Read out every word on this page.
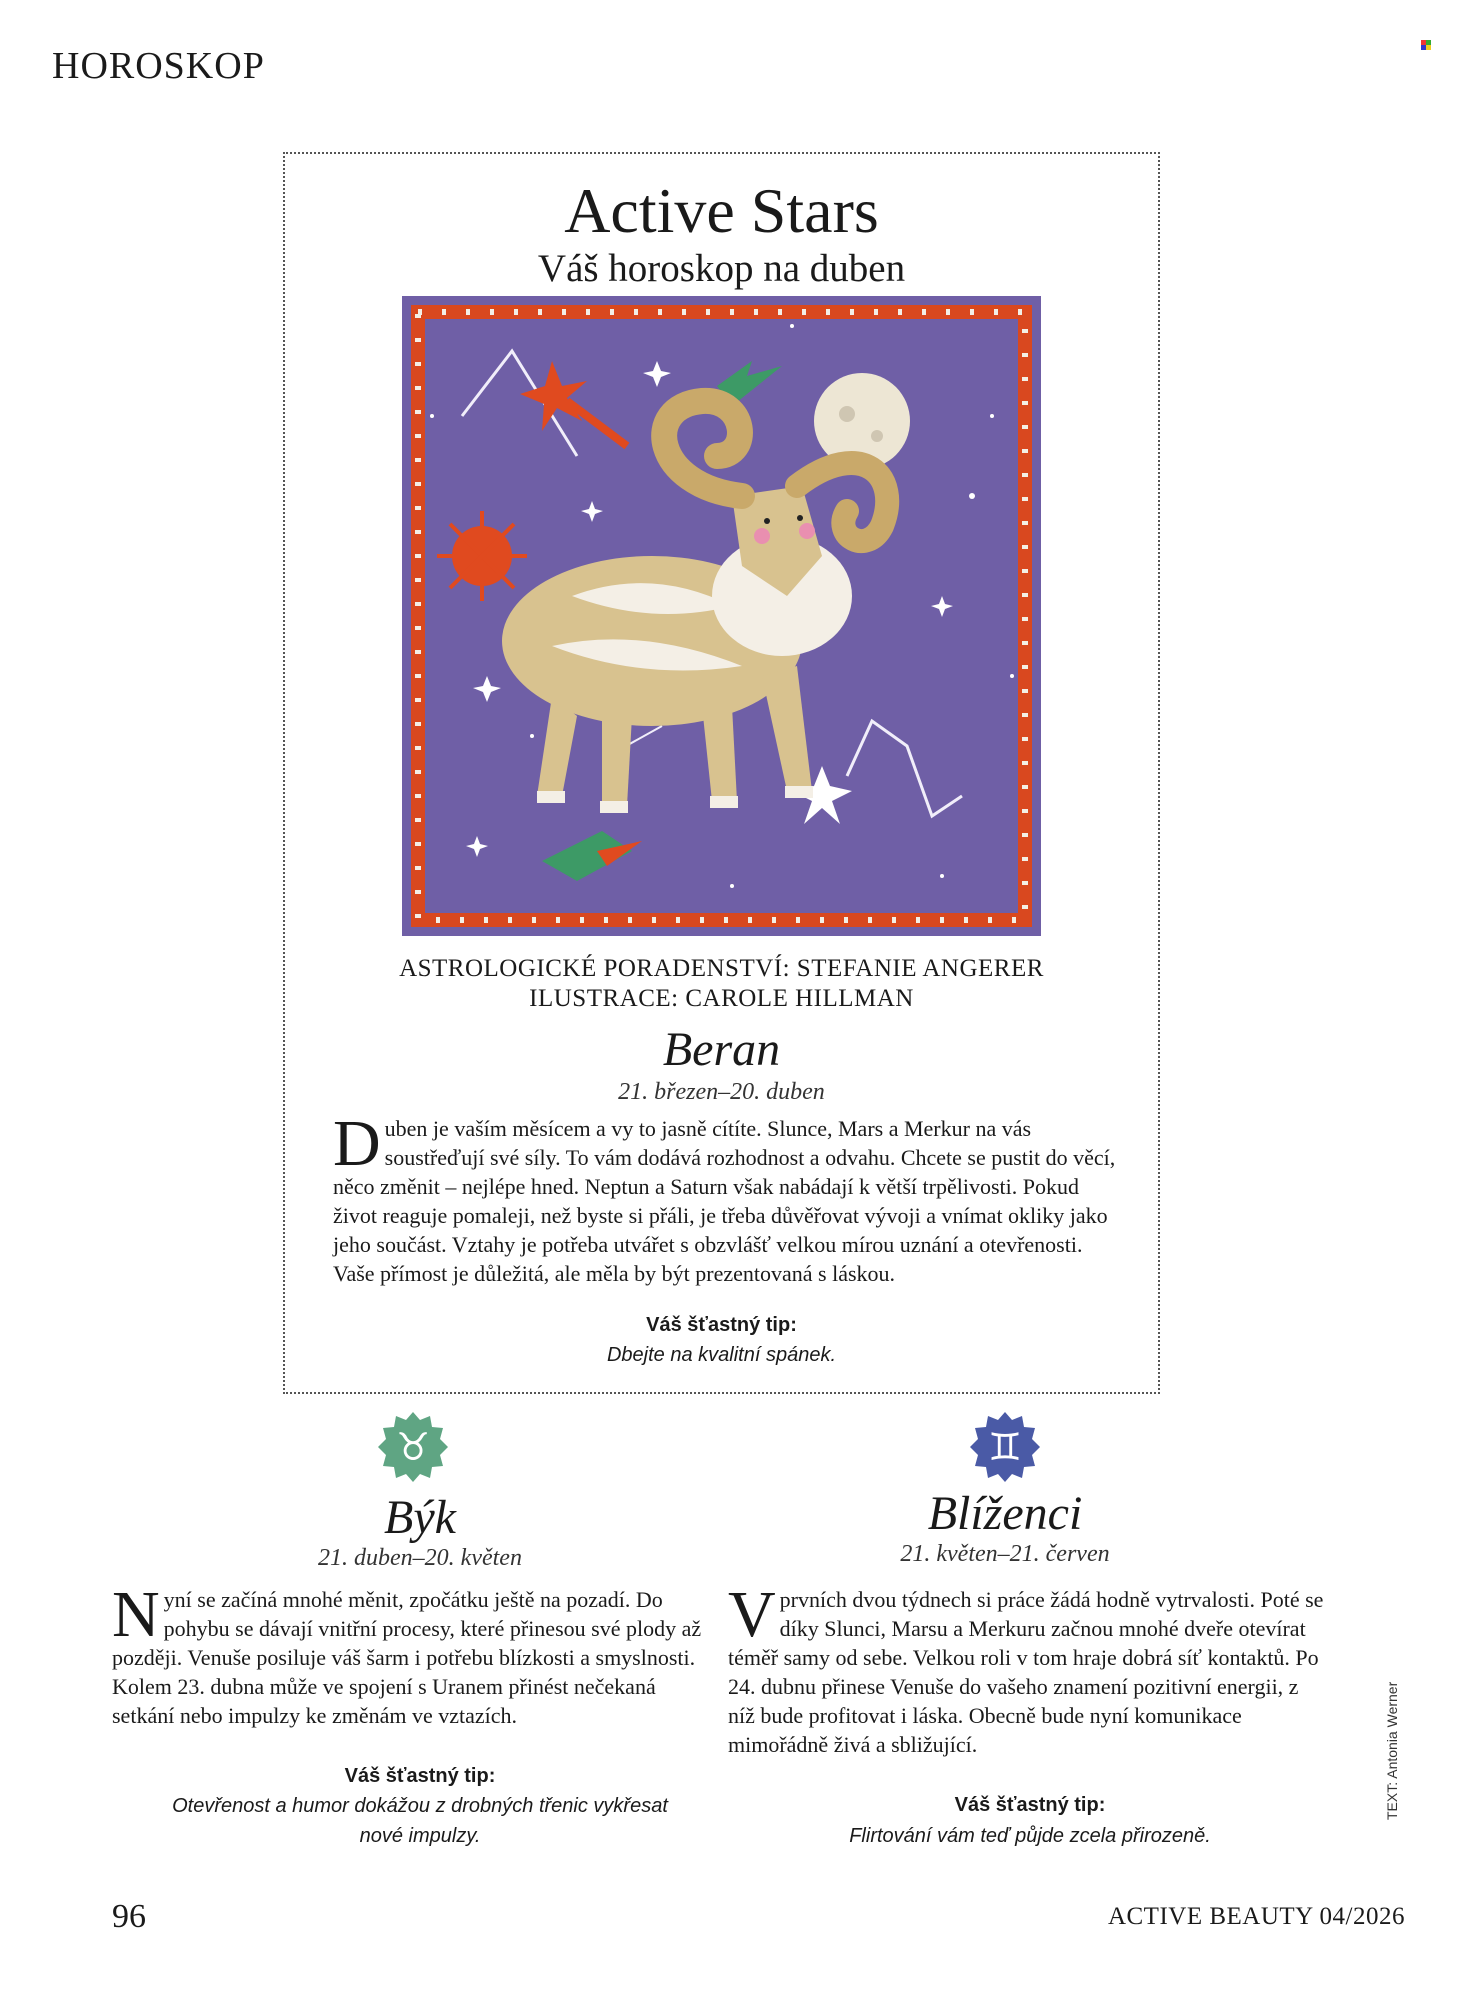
HOROSKOP
Active Stars
Váš horoskop na duben
ASTROLOGICKÉ PORADENSTVÍ: STEFANIE ANGERER
ILUSTRACE: CAROLE HILLMAN
Beran
21. březen–20. duben
Duben je vaším měsícem a vy to jasně cítíte. Slunce, Mars a Merkur na vás soustřeďují své síly. To vám dodává rozhodnost a odvahu. Chcete se pustit do věcí, něco změnit – nejlépe hned. Neptun a Saturn však nabádají k větší trpělivosti. Pokud život reaguje pomaleji, než byste si přáli, je třeba důvěřovat vývoji a vnímat okliky jako jeho součást. Vztahy je potřeba utvářet s obzvlášť velkou mírou uznání a otevřenosti. Vaše přímost je důležitá, ale měla by být prezentovaná s láskou.
Váš šťastný tip:
Dbejte na kvalitní spánek.
♉
Býk
21. duben–20. květen
Nyní se začíná mnohé měnit, zpočátku ještě na pozadí. Do pohybu se dávají vnitřní procesy, které přinesou své plody až později. Venuše posiluje váš šarm i potřebu blízkosti a smyslnosti. Kolem 23. dubna může ve spojení s Uranem přinést nečekaná setkání nebo impulzy ke změnám ve vztazích.
Váš šťastný tip:
Otevřenost a humor dokážou z drobných třenic vykřesat nové impulzy.
♊
Blíženci
21. květen–21. červen
Vprvních dvou týdnech si práce žádá hodně vytrvalosti. Poté se díky Slunci, Marsu a Merkuru začnou mnohé dveře otevírat téměř samy od sebe. Velkou roli v tom hraje dobrá síť kontaktů. Po 24. dubnu přinese Venuše do vašeho znamení pozitivní energii, z níž bude profitovat i láska. Obecně bude nyní komunikace mimořádně živá a sbližující.
Váš šťastný tip:
Flirtování vám teď půjde zcela přirozeně.
TEXT: Antonia Werner
96	ACTIVE BEAUTY 04/2026
